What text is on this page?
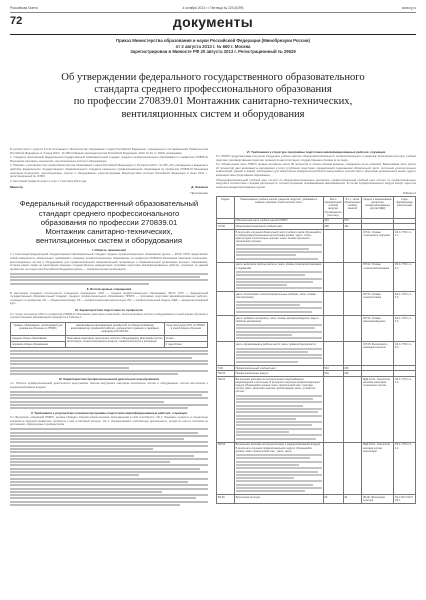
Российская Газета	4 октября 2013 г. • Пятница № 223 (6199)	www.rg.ru
72	документы
Приказ Министерства образования и науки Российской Федерации (Минобрнауки России)
от 2 августа 2013 г. № 660 г. Москва
Зарегистрирован в Минюсте РФ 20 августа 2013 г. Регистрационный № 29529
Об утверждении федерального государственного образовательного
стандарта среднего профессионального образования
по профессии 270839.01 Монтажник санитарно-технических,
вентиляционных систем и оборудования

В соответствии с пунктом 5.2.41 Положения о Министерстве образования и науки Российской Федерации, утвержденного постановлением Правительства Российской Федерации от 3 июня 2013 г. № 466 (Собрание законодательства Российской Федерации, 2013, № 23, ст. 2923), приказываю:

1. Утвердить прилагаемый федеральный государственный образовательный стандарт среднего профессионального образования по профессии 270839.01 Монтажник санитарно-технических, вентиляционных систем и оборудования.

2. Признать утратившим силу приказ Министерства образования и науки Российской Федерации от 19 апреля 2010 г. № 356 «Об утверждении и введении в действие федерального государственного образовательного стандарта начального профессионального образования по профессии 270839.01 Монтажник санитарно-технических, вентиляционных систем и оборудования» (зарегистрирован Министерством юстиции Российской Федерации 2 июня 2010 г., регистрационный № 17450).

3. Настоящий приказ вступает в силу с 1 сентября 2013 года.

Министр	Д. Ливанов
Приложение
Федеральный государственный образовательный
стандарт среднего профессионального
образования по профессии 270839.01
Монтажник санитарно-технических,
вентиляционных систем и оборудования
I. Область применения

1.1. Настоящий федеральный государственный образовательный стандарт среднего профессионального образования (далее — ФГОС СПО) представляет собой совокупность обязательных требований к среднему профессиональному образованию по профессии 270839.01 Монтажник санитарно-технических, вентиляционных систем и оборудования для профессиональной образовательной организации и образовательной организации высшего образования, которые имеют право на реализацию имеющих государственную аккредитацию программ подготовки квалифицированных рабочих, служащих по данной профессии, на территории Российской Федерации (далее — образовательная организация).

II. Используемые сокращения

В настоящем стандарте используются следующие сокращения: СПО — среднее профессиональное образование; ФГОС СПО — федеральный государственный образовательный стандарт среднего профессионального образования; ППКРС — программа подготовки квалифицированных рабочих, служащих по профессии; ОК — общая компетенция; ПК — профессиональная компетенция; ПМ — профессиональный модуль; МДК — междисциплинарный курс.

III. Характеристика подготовки по профессии

3.1. Сроки получения СПО по профессии 270839.01 Монтажник санитарно-технических, вентиляционных систем и оборудования в очной форме обучения и соответствующие квалификации приводятся в Таблице 1.

Уровень образования, необходимый для приема на обучение по ППКРС	Наименование квалификации (профессий по Общероссийскому классификатору профессий рабочих, должностей служащих и тарифных разрядов) (ОК 016-94)	Срок получения СПО по ППКРС в очной форме обучения
среднее общее образование	Монтажник санитарно-технических систем и оборудования; Монтажник систем вентиляции, кондиционирования воздуха, пневмотранспорта и аспирации	10 мес.
основное общее образование		2 года 10 мес.
IV. Характеристика профессиональной деятельности выпускников

4.1. Область профессиональной деятельности выпускников: монтаж внутренних санитарно-технических систем и оборудования, систем вентиляции и кондиционирования воздуха.

V. Требования к результатам освоения программы подготовки квалифицированных рабочих, служащих

5.1. Выпускник, освоивший ППКРС, должен обладать общими компетенциями, включающими в себя способность: ОК 1. Понимать сущность и социальную значимость будущей профессии, проявлять к ней устойчивый интерес. ОК 2. Организовывать собственную деятельность, исходя из цели и способов ее достижения, определенных руководителем.

VI. Требования к структуре программы подготовки квалифицированных рабочих, служащих

6.1. ППКРС предусматривает изучение следующих учебных циклов: общепрофессионального; профессионального; и разделов: физическая культура; учебная практика; производственная практика; промежуточная аттестация; государственная итоговая аттестация.

6.2. Обязательная часть ППКРС должна составлять около 80 процентов от общего объема времени, отведенного на ее освоение. Вариативная часть (около 20 процентов) дает возможность расширения и (или) углубления подготовки, определяемой содержанием обязательной части, получения дополнительных компетенций, умений и знаний, необходимых для обеспечения конкурентоспособности выпускника в соответствии с запросами регионального рынка труда и возможностями продолжения образования.

Общепрофессиональный учебный цикл состоит из общепрофессиональных дисциплин, профессиональный учебный цикл состоит из профессиональных модулей в соответствии с видами деятельности, соответствующими присваиваемым квалификациям. В состав профессионального модуля входит один или несколько междисциплинарных курсов.

Таблица 2
Индекс	Наименование учебных циклов, разделов, модулей, требования к знаниям, умениям, практическому опыту	Всего максимальной учебной нагрузки обучающегося (час./нед.)	В т.ч. часов обязательных учебных занятий	Индекс и наименование дисциплин, междисциплинарных курсов (МДК)	Коды формируемых компетенций
	Обязательная часть учебных циклов ППКРС	864	576		
ОП.00	Общепрофессиональный учебный цикл	288	192		
	В результате изучения обязательной части учебного цикла обучающийся по общепрофессиональным дисциплинам должен: уметь: читать архитектурно-строительные чертежи; знать: основы черчения и технического рисунка;			ОП.01. Основы технического черчения	ОК 1-7 ПК 1.1-1.4
	уметь: выполнять простые расчеты; знать: основы технической механики и гидравлики;			ОП.02. Основы технической механики	ОК 1-7 ПК 1.1-3.3
	уметь: использовать электроизмерительные приборы; знать: основы электротехники;			ОП.03. Основы электротехники	ОК 1-7 ПК 1.1-3.3
	уметь: выбирать материалы; знать: основы материаловедения, виды и свойства материалов;			ОП.04. Основы материаловедения	ОК 1-7 ПК 1.1-3.3
	уметь: организовывать рабочее место; знать: правила безопасности;			ОП.05. Безопасность жизнедеятельности	ОК 1-7 ПК 1.1-3.3
П.00	Профессиональный учебный цикл	504	336		
ПМ.00	Профессиональные модули	504	336		
ПМ.01	Выполнение монтажа систем внутреннего водоснабжения, водоотведения и отопления. В результате изучения профессионального модуля обучающийся должен: иметь практический опыт: монтажа систем; уметь: выполнять монтаж трубопроводов; знать: устройство систем;			МДК.01.01. Технология монтажа санитарно-технических систем	ОК 1-7 ПК 1.1-1.4
ПМ.02	Выполнение монтажа систем вентиляции и кондиционирования воздуха. В результате изучения профессионального модуля обучающийся должен: иметь практический опыт; уметь; знать;			МДК.02.01. Технология монтажа систем вентиляции	ОК 1-7 ПК 2.1-2.4
ФК.00	Физическая культура	80	40	ФК.00. Физическая культура	ОК 2 ОК 3 ОК 6 ОК 7
